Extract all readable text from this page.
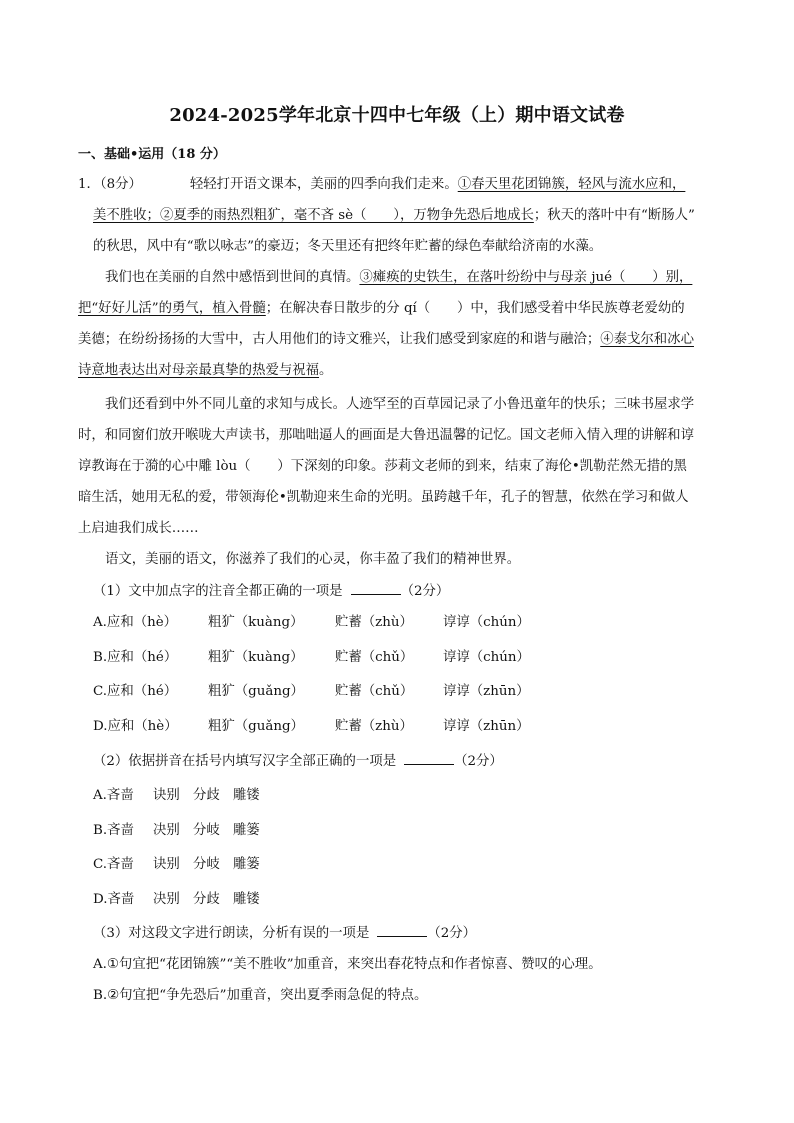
2024-2025学年北京十四中七年级（上）期中语文试卷
一、基础•运用（18 分）
1．（8分）	轻轻打开语文课本，美丽的四季向我们走来。①春天里花团锦簇，轻风与流水应和，
美不胜收；②夏季的雨热烈粗犷，毫不吝 sè（　　），万物争先恐后地成长；秋天的落叶中有“断肠人”
的秋思，风中有“歌以咏志”的豪迈；冬天里还有把终年贮蓄的绿色奉献给济南的水藻。
我们也在美丽的自然中感悟到世间的真情。③瘫痪的史铁生，在落叶纷纷中与母亲 jué（　　）别，
把“好好儿活”的勇气，植入骨髓；在解决春日散步的分 qí（　　）中，我们感受着中华民族尊老爱幼的
美德；在纷纷扬扬的大雪中，古人用他们的诗文雅兴，让我们感受到家庭的和谐与融洽；④泰戈尔和冰心
诗意地表达出对母亲最真挚的热爱与祝福。
我们还看到中外不同儿童的求知与成长。人迹罕至的百草园记录了小鲁迅童年的快乐；三味书屋求学
时，和同窗们放开喉咙大声读书，那咄咄逼人的画面是大鲁迅温馨的记忆。国文老师入情入理的讲解和谆
谆教诲在于漪的心中雕 lòu（　　）下深刻的印象。莎莉文老师的到来，结束了海伦•凯勒茫然无措的黑
暗生活，她用无私的爱，带领海伦•凯勒迎来生命的光明。虽跨越千年，孔子的智慧，依然在学习和做人
上启迪我们成长……
语文，美丽的语文，你滋养了我们的心灵，你丰盈了我们的精神世界。
（1）文中加点字的注音全都正确的一项是	（2分）
A.应和（hè） 粗犷（kuàng） 贮蓄（zhù） 谆谆（chún）
B.应和（hé） 粗犷（kuàng） 贮蓄（chǔ） 谆谆（chún）
C.应和（hé） 粗犷（guǎng） 贮蓄（chǔ） 谆谆（zhūn）
D.应和（hè） 粗犷（guǎng） 贮蓄（zhù） 谆谆（zhūn）
（2）依据拼音在括号内填写汉字全部正确的一项是	（2分）
A.吝啬 诀别 分歧 雕镂
B.吝啬 决别 分岐 雕篓
C.吝啬 诀别 分岐 雕篓
D.吝啬 决别 分歧 雕镂
（3）对这段文字进行朗读，分析有误的一项是	（2分）
A.①句宜把“花团锦簇”“美不胜收”加重音，来突出春花特点和作者惊喜、赞叹的心理。
B.②句宜把“争先恐后”加重音，突出夏季雨急促的特点。
